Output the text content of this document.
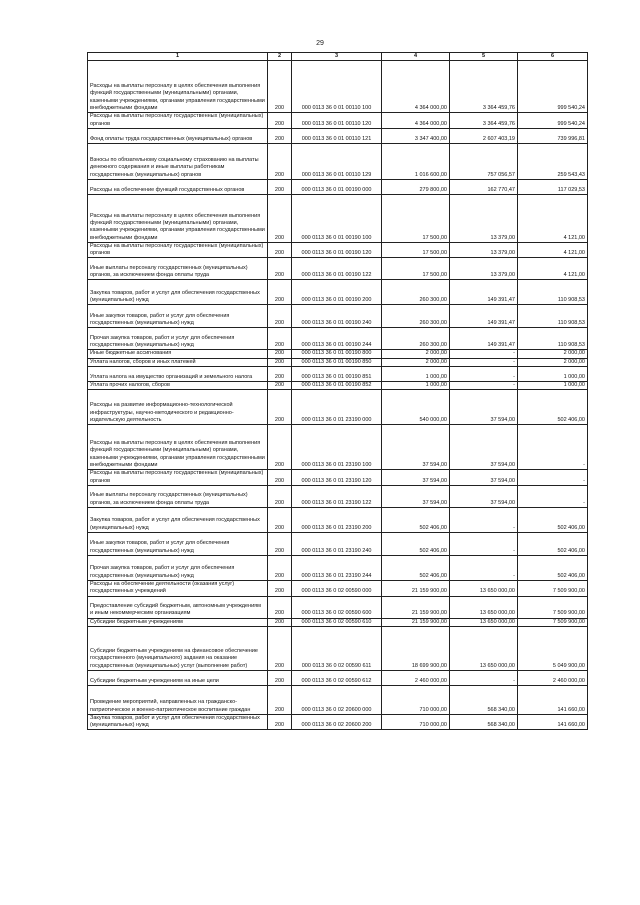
29
1	2	3	4	5	6
Расходы на выплаты персоналу в целях обеспечения выполнения функций государственными (муниципальными) органами, казенными учреждениями, органами управления государственными внебюджетными фондами	200	000 0113 36 0 01 00110 100	4 364 000,00	3 364 459,76	999 540,24
Расходы на выплаты персоналу государственных (муниципальных) органов	200	000 0113 36 0 01 00110 120	4 364 000,00	3 364 459,76	999 540,24
Фонд оплаты труда государственных (муниципальных) органов	200	000 0113 36 0 01 00110 121	3 347 400,00	2 607 403,19	739 996,81
Взносы по обязательному социальному страхованию на выплаты денежного содержания и иные выплаты работникам государственных (муниципальных) органов	200	000 0113 36 0 01 00110 129	1 016 600,00	757 056,57	259 543,43
Расходы на обеспечение функций государственных органов	200	000 0113 36 0 01 00190 000	279 800,00	162 770,47	117 029,53
Расходы на выплаты персоналу в целях обеспечения выполнения функций государственными (муниципальными) органами, казенными учреждениями, органами управления государственными внебюджетными фондами	200	000 0113 36 0 01 00190 100	17 500,00	13 379,00	4 121,00
Расходы на выплаты персоналу государственных (муниципальных) органов	200	000 0113 36 0 01 00190 120	17 500,00	13 379,00	4 121,00
Иные выплаты персоналу государственных (муниципальных) органов, за исключением фонда оплаты труда	200	000 0113 36 0 01 00190 122	17 500,00	13 379,00	4 121,00
Закупка товаров, работ и услуг для обеспечения государственных (муниципальных) нужд	200	000 0113 36 0 01 00190 200	260 300,00	149 391,47	110 908,53
Иные закупки товаров, работ и услуг для обеспечения государственных (муниципальных) нужд	200	000 0113 36 0 01 00190 240	260 300,00	149 391,47	110 908,53
Прочая закупка товаров, работ и услуг для обеспечения государственных (муниципальных) нужд	200	000 0113 36 0 01 00190 244	260 300,00	149 391,47	110 908,53
Иные бюджетные ассигнования	200	000 0113 36 0 01 00190 800	2 000,00	-	2 000,00
Уплата налогов, сборов и иных платежей	200	000 0113 36 0 01 00190 850	2 000,00	-	2 000,00
Уплата налога на имущество организаций и земельного налога	200	000 0113 36 0 01 00190 851	1 000,00	-	1 000,00
Уплата прочих налогов, сборов	200	000 0113 36 0 01 00190 852	1 000,00	-	1 000,00
Расходы на развитие информационно-технологической инфраструктуры, научно-методического и редакционно-издательскую деятельность	200	000 0113 36 0 01 23190 000	540 000,00	37 594,00	502 406,00
Расходы на выплаты персоналу в целях обеспечения выполнения функций государственными (муниципальными) органами, казенными учреждениями, органами управления государственными внебюджетными фондами	200	000 0113 36 0 01 23190 100	37 594,00	37 594,00	-
Расходы на выплаты персоналу государственных (муниципальных) органов	200	000 0113 36 0 01 23190 120	37 594,00	37 594,00	-
Иные выплаты персоналу государственных (муниципальных) органов, за исключением фонда оплаты труда	200	000 0113 36 0 01 23190 122	37 594,00	37 594,00	-
Закупка товаров, работ и услуг для обеспечения государственных (муниципальных) нужд	200	000 0113 36 0 01 23190 200	502 406,00	-	502 406,00
Иные закупки товаров, работ и услуг для обеспечения государственных (муниципальных) нужд	200	000 0113 36 0 01 23190 240	502 406,00	-	502 406,00
Прочая закупка товаров, работ и услуг для обеспечения государственных (муниципальных) нужд	200	000 0113 36 0 01 23190 244	502 406,00	-	502 406,00
Расходы на обеспечение деятельности (оказания услуг) государственных учреждений	200	000 0113 36 0 02 00590 000	21 159 900,00	13 650 000,00	7 509 900,00
Предоставление субсидий бюджетным, автономным учреждениям и иным некоммерческим организациям	200	000 0113 36 0 02 00590 600	21 159 900,00	13 650 000,00	7 509 900,00
Субсидии бюджетным учреждениям	200	000 0113 36 0 02 00590 610	21 159 900,00	13 650 000,00	7 509 900,00
Субсидии бюджетным учреждениям на финансовое обеспечение государственного (муниципального) задания на оказание государственных (муниципальных) услуг (выполнение работ)	200	000 0113 36 0 02 00590 611	18 699 900,00	13 650 000,00	5 049 900,00
Субсидии бюджетным учреждениям на иные цели	200	000 0113 36 0 02 00590 612	2 460 000,00	-	2 460 000,00
Проведение мероприятий, направленных на гражданско-патриотическое и военно-патриотическое воспитание граждан	200	000 0113 36 0 02 20600 000	710 000,00	568 340,00	141 660,00
Закупка товаров, работ и услуг для обеспечения государственных (муниципальных) нужд	200	000 0113 36 0 02 20600 200	710 000,00	568 340,00	141 660,00
